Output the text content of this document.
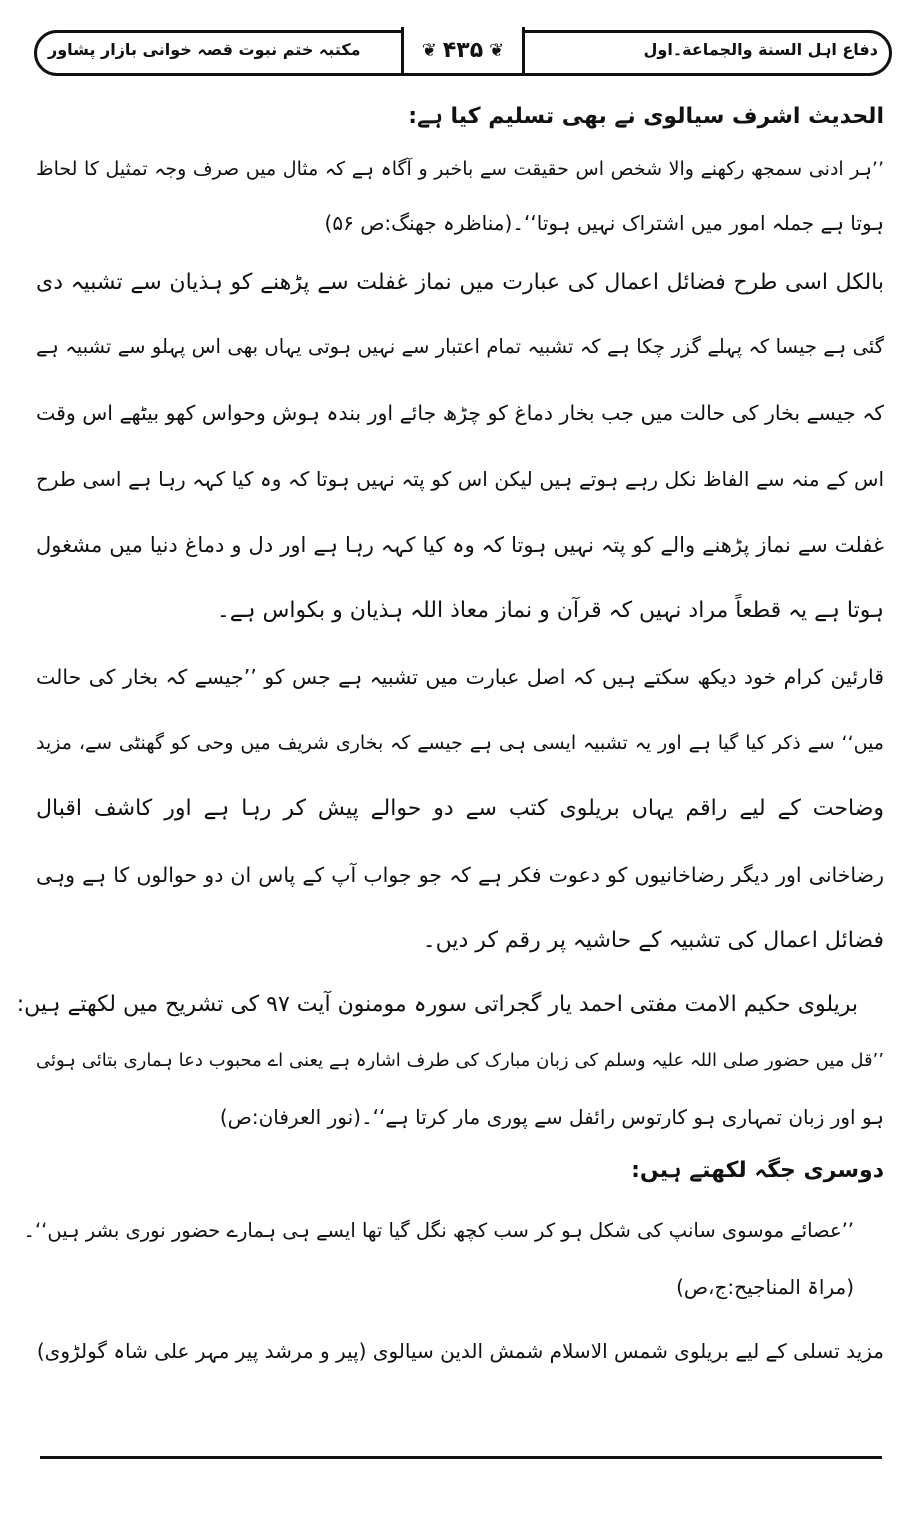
دفاع اہل السنة والجماعة۔اول
مکتبہ ختم نبوت قصہ خوانی بازار پشاور	❦ ۴۳۵ ❦
الحدیث اشرف سیالوی نے بھی تسلیم کیا ہے:
’’ہر ادنی سمجھ رکھنے والا شخص اس حقیقت سے باخبر و آگاہ ہے کہ مثال میں صرف وجہ تمثیل کا لحاظ
ہوتا ہے جملہ امور میں اشتراک نہیں ہوتا‘‘۔(مناظرہ جھنگ:ص ۵۶)
بالکل اسی طرح فضائل اعمال کی عبارت میں نماز غفلت سے پڑھنے کو ہذیان سے تشبیہ دی
گئی ہے جیسا کہ پہلے گزر چکا ہے کہ تشبیہ تمام اعتبار سے نہیں ہوتی یہاں بھی اس پہلو سے تشبیہ ہے
کہ جیسے بخار کی حالت میں جب بخار دماغ کو چڑھ جائے اور بندہ ہوش وحواس کھو بیٹھے اس وقت
اس کے منہ سے الفاظ نکل رہے ہوتے ہیں لیکن اس کو پتہ نہیں ہوتا کہ وہ کیا کہہ رہا ہے اسی طرح
غفلت سے نماز پڑھنے والے کو پتہ نہیں ہوتا کہ وہ کیا کہہ رہا ہے اور دل و دماغ دنیا میں مشغول
ہوتا ہے یہ قطعاً مراد نہیں کہ قرآن و نماز معاذ اللہ ہذیان و بکواس ہے۔
قارئین کرام خود دیکھ سکتے ہیں کہ اصل عبارت میں تشبیہ ہے جس کو ’’جیسے کہ بخار کی حالت
میں‘‘ سے ذکر کیا گیا ہے اور یہ تشبیہ ایسی ہی ہے جیسے کہ بخاری شریف میں وحی کو گھنٹی سے، مزید
وضاحت کے لیے راقم یہاں بریلوی کتب سے دو حوالے پیش کر رہا ہے اور کاشف اقبال
رضاخانی اور دیگر رضاخانیوں کو دعوت فکر ہے کہ جو جواب آپ کے پاس ان دو حوالوں کا ہے وہی
فضائل اعمال کی تشبیہ کے حاشیہ پر رقم کر دیں۔
بریلوی حکیم الامت مفتی احمد یار گجراتی سورہ مومنون آیت ۹۷ کی تشریح میں لکھتے ہیں:
’’قل میں حضور صلی اللہ علیہ وسلم کی زبان مبارک کی طرف اشارہ ہے یعنی اے محبوب دعا ہماری بتائی ہوئی
ہو اور زبان تمہاری ہو کارتوس رائفل سے پوری مار کرتا ہے‘‘۔(نور العرفان:ص)
دوسری جگہ لکھتے ہیں:
’’عصائے موسوی سانپ کی شکل ہو کر سب کچھ نگل گیا تھا ایسے ہی ہمارے حضور نوری بشر ہیں‘‘۔
(مراۃ المناجیح:ج،ص)
مزید تسلی کے لیے بریلوی شمس الاسلام شمش الدین سیالوی (پیر و مرشد پیر مہر علی شاہ گولڑوی)
